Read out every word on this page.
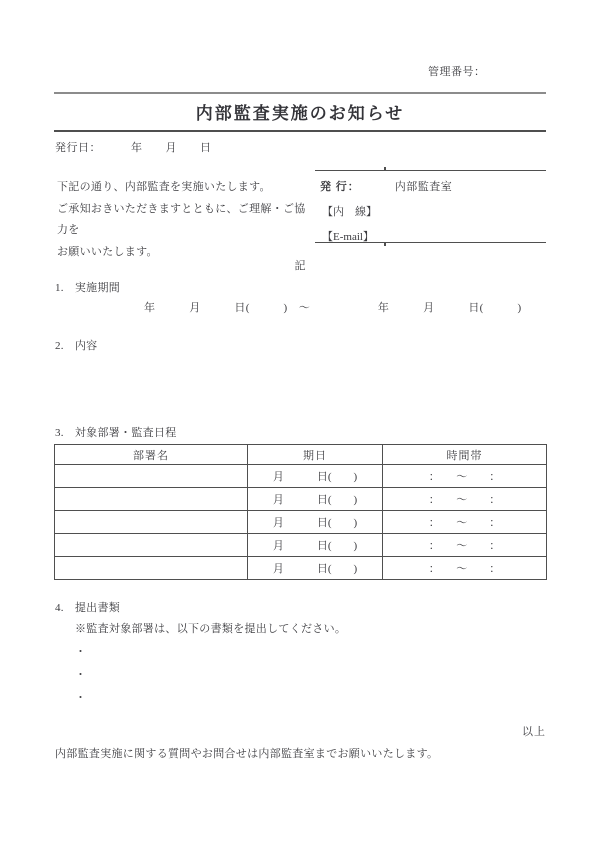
管理番号：
内部監査実施のお知らせ
発行日：	年　　月　　日
下記の通り、内部監査を実施いたします。
ご承知おきいただきますとともに、ご理解・ご協力を
お願いいたします。
発 行：	内部監査室
【内　線】
【E-mail】
記
1. 実施期間
年　　　月　　　日(　　　)　～　　　　　　年　　　月　　　日(　　　)
2. 内容
3. 対象部署・監査日程
部署名	期日	時間帯
	月　　　日(　　)	：　　～　　：
	月　　　日(　　)	：　　～　　：
	月　　　日(　　)	：　　～　　：
	月　　　日(　　)	：　　～　　：
	月　　　日(　　)	：　　～　　：
4. 提出書類
※監査対象部署は、以下の書類を提出してください。
・
・
・
以上
内部監査実施に関する質問やお問合せは内部監査室までお願いいたします。
